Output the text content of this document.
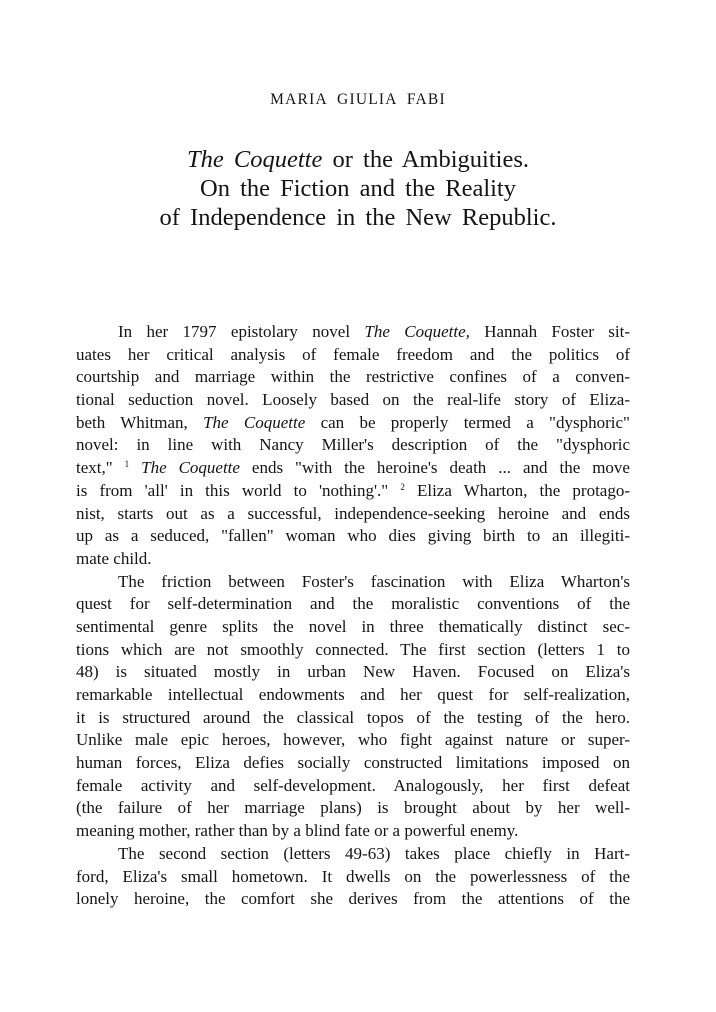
MARIA GIULIA FABI
The Coquette or the Ambiguities.
On the Fiction and the Reality
of Independence in the New Republic.
In her 1797 epistolary novel The Coquette, Hannah Foster sit-
uates her critical analysis of female freedom and the politics of
courtship and marriage within the restrictive confines of a conven-
tional seduction novel. Loosely based on the real-life story of Eliza-
beth Whitman, The Coquette can be properly termed a "dysphoric"
novel: in line with Nancy Miller's description of the "dysphoric
text," $^1$ The Coquette ends "with the heroine's death ... and the move
is from 'all' in this world to 'nothing'." $^2$ Eliza Wharton, the protago-
nist, starts out as a successful, independence-seeking heroine and ends
up as a seduced, "fallen" woman who dies giving birth to an illegiti-
mate child.
The friction between Foster's fascination with Eliza Wharton's
quest for self-determination and the moralistic conventions of the
sentimental genre splits the novel in three thematically distinct sec-
tions which are not smoothly connected. The first section (letters 1 to
48) is situated mostly in urban New Haven. Focused on Eliza's
remarkable intellectual endowments and her quest for self-realization,
it is structured around the classical topos of the testing of the hero.
Unlike male epic heroes, however, who fight against nature or super-
human forces, Eliza defies socially constructed limitations imposed on
female activity and self-development. Analogously, her first defeat
(the failure of her marriage plans) is brought about by her well-
meaning mother, rather than by a blind fate or a powerful enemy.
The second section (letters 49-63) takes place chiefly in Hart-
ford, Eliza's small hometown. It dwells on the powerlessness of the
lonely heroine, the comfort she derives from the attentions of the
